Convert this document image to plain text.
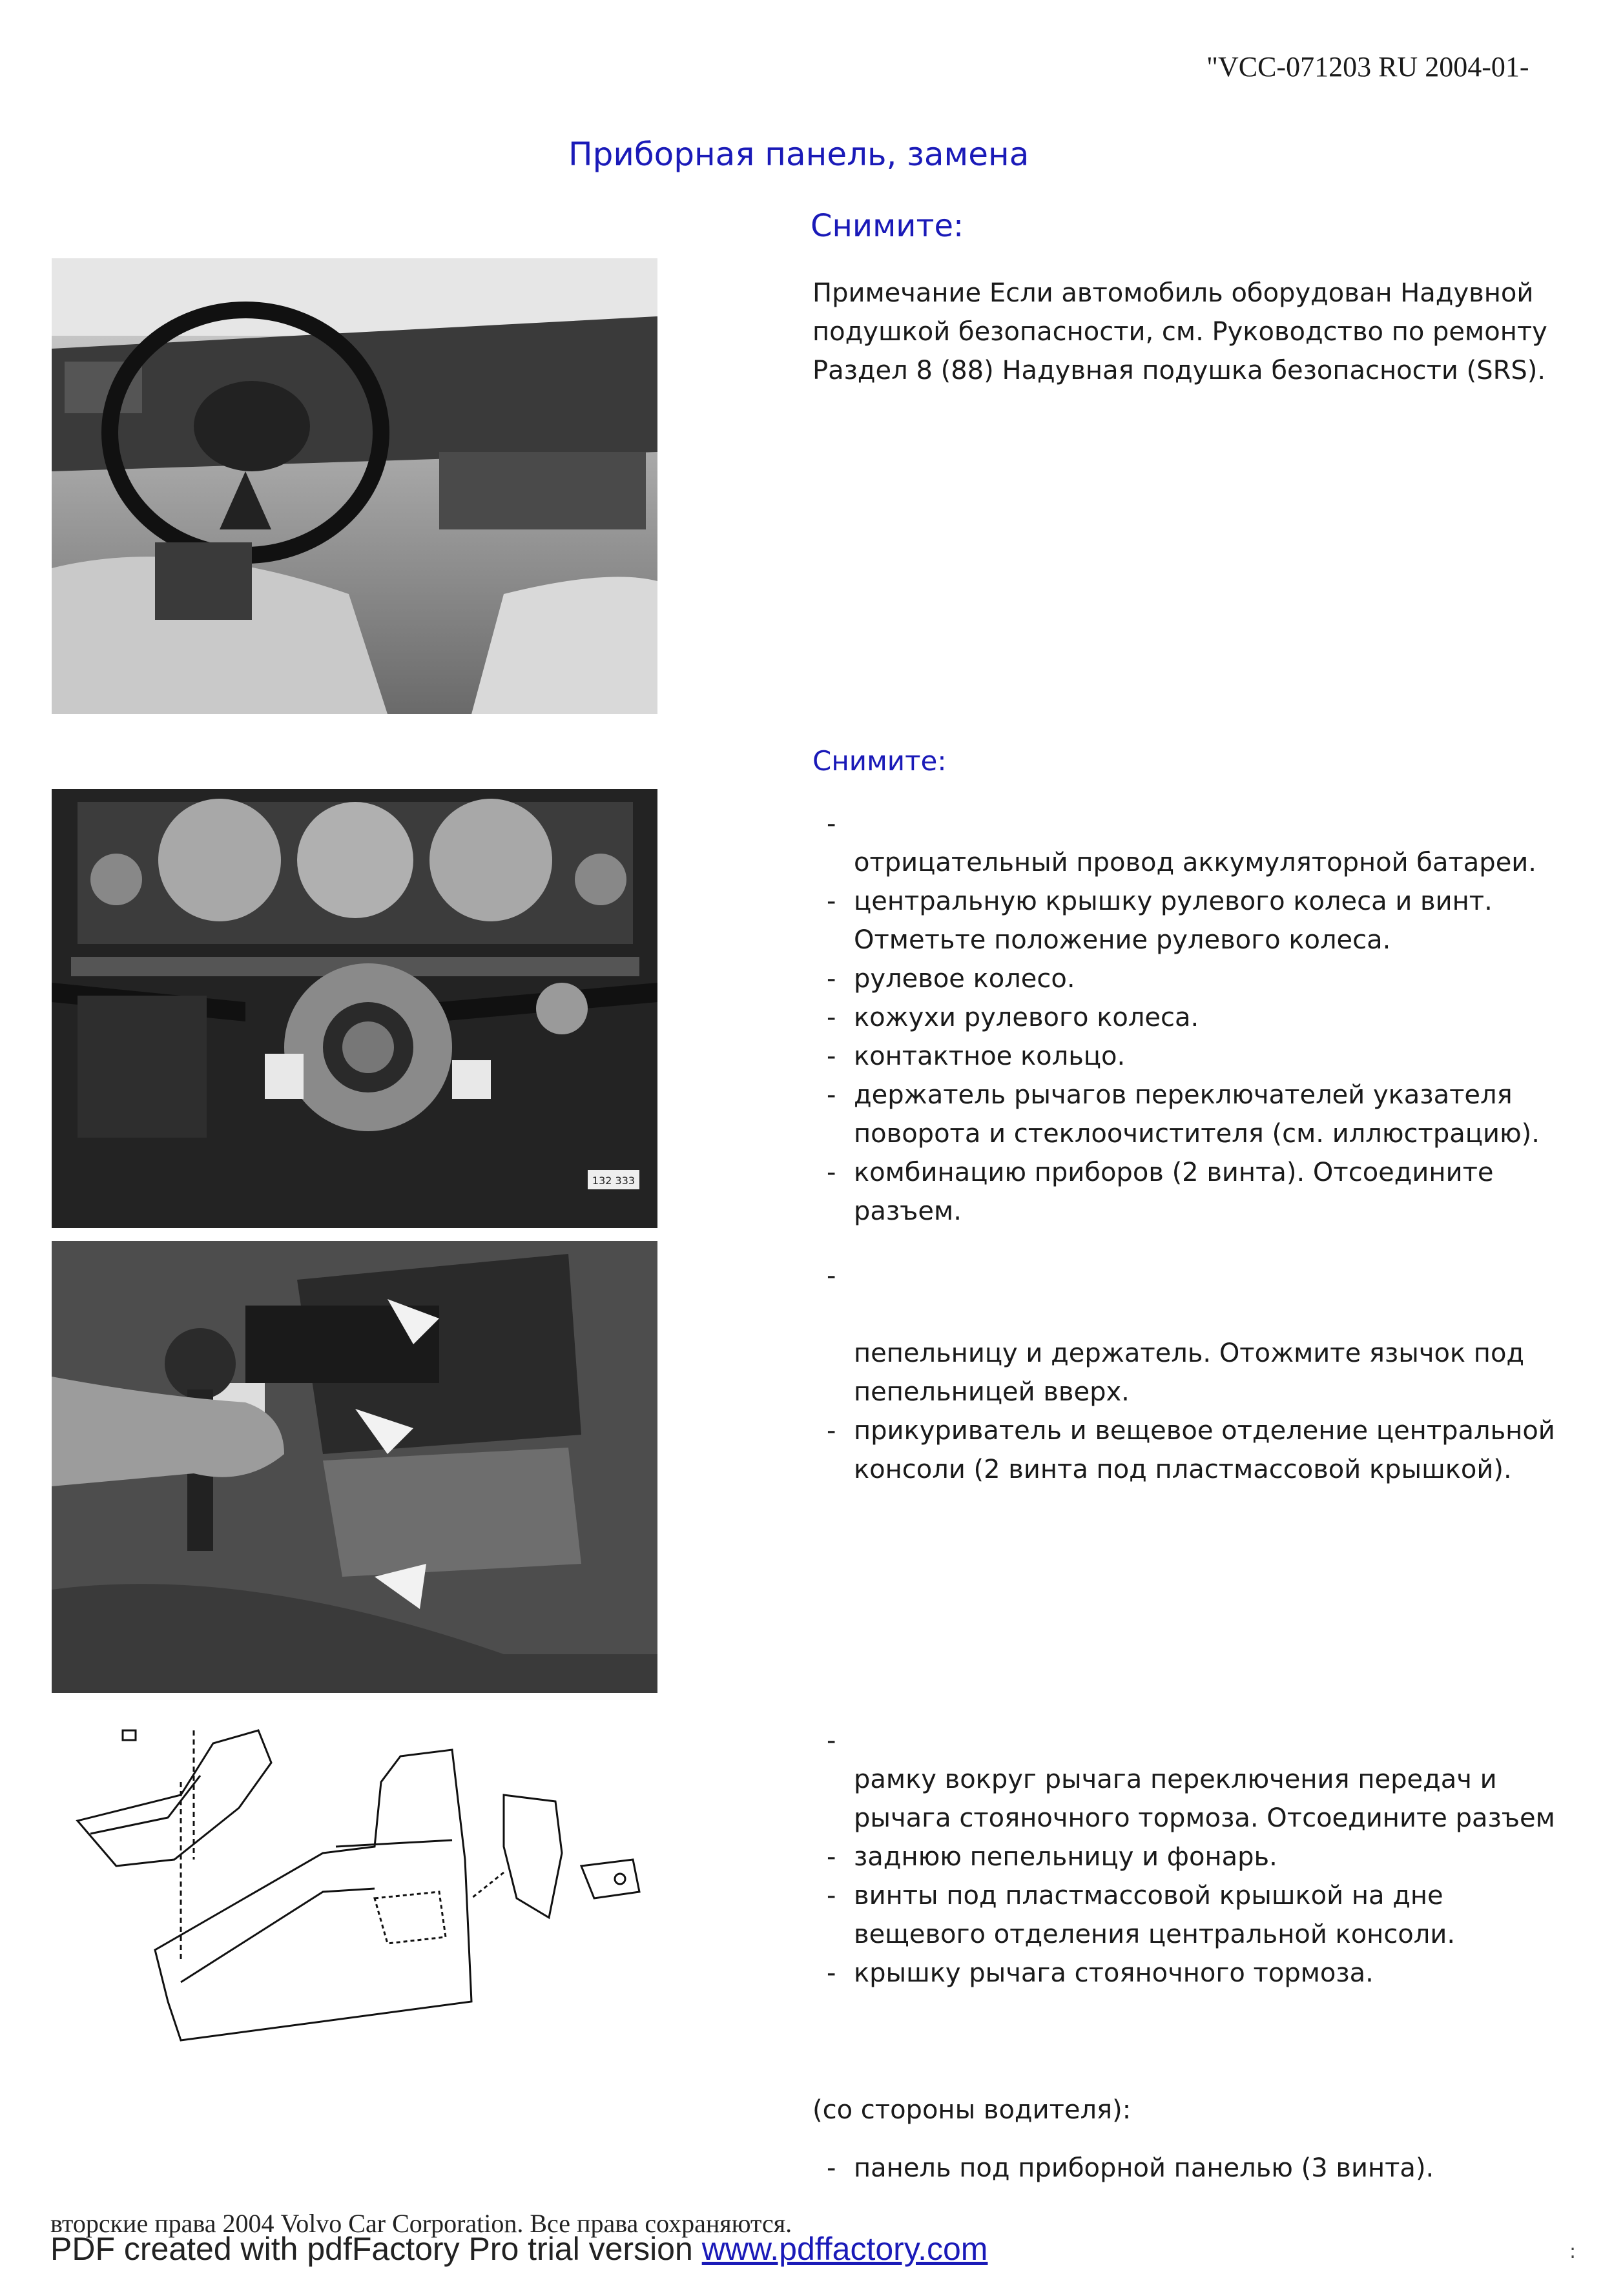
"VCC-071203 RU 2004-01-
Приборная панель, замена
Снимите:

Примечание Если автомобиль оборудован Надувной

подушкой безопасности, см. Руководство по ремонту

Раздел 8 (88) Надувная подушка безопасности (SRS).

Снимите:
-

отрицательный провод аккумуляторной батареи.
- центральную крышку рулевого колеса и винт.
Отметьте положение рулевого колеса.
- рулевое колесо.
- кожухи рулевого колеса.
- контактное кольцо.
- держатель рычагов переключателей указателя
поворота и стеклоочистителя (см. иллюстрацию).
- комбинацию приборов (2 винта). Отсоедините
разъем.
132 333
-

пепельницу и держатель. Отожмите язычок под
пепельницей вверх.
- прикуриватель и вещевое отделение центральной
консоли (2 винта под пластмассовой крышкой).
-

рамку вокруг рычага переключения передач и
рычага стояночного тормоза. Отсоедините разъем
- заднюю пепельницу и фонарь.
- винты под пластмассовой крышкой на дне
вещевого отделения центральной консоли.
- крышку рычага стояночного тормоза.
(со стороны водителя):
- панель под приборной панелью (3 винта).
вторские права 2004 Volvo Car Corporation. Все права сохраняются.
PDF created with pdfFactory Pro trial version www.pdffactory.com	:
